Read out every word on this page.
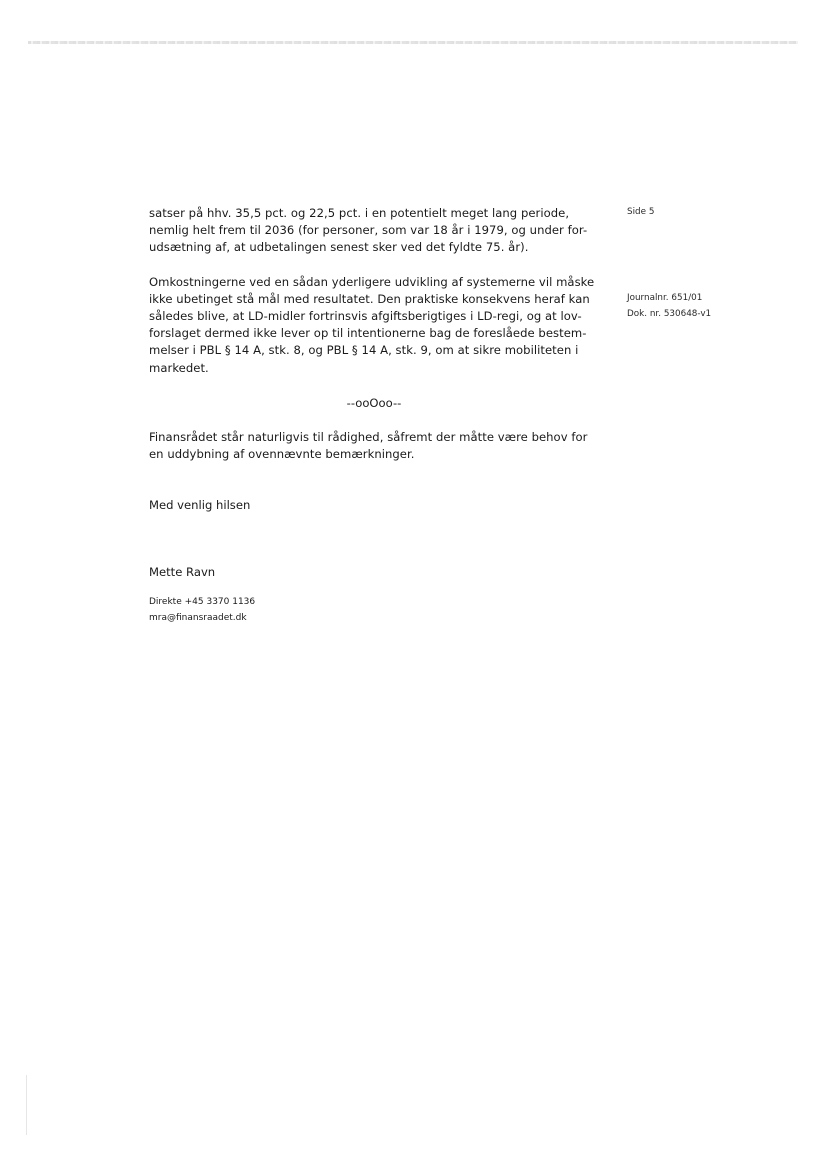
Side 5
Journalnr. 651/01
Dok. nr. 530648-v1

satser på hhv. 35,5 pct. og 22,5 pct. i en potentielt meget lang periode,
nemlig helt frem til 2036 (for personer, som var 18 år i 1979, og under for-
udsætning af, at udbetalingen senest sker ved det fyldte 75. år).

Omkostningerne ved en sådan yderligere udvikling af systemerne vil måske
ikke ubetinget stå mål med resultatet. Den praktiske konsekvens heraf kan
således blive, at LD-midler fortrinsvis afgiftsberigtiges i LD-regi, og at lov-
forslaget dermed ikke lever op til intentionerne bag de foreslåede bestem-
melser i PBL § 14 A, stk. 8, og PBL § 14 A, stk. 9, om at sikre mobiliteten i
markedet.

--ooOoo--

Finansrådet står naturligvis til rådighed, såfremt der måtte være behov for
en uddybning af ovennævnte bemærkninger.

Med venlig hilsen
Mette Ravn
Direkte +45 3370 1136
mra@finansraadet.dk
